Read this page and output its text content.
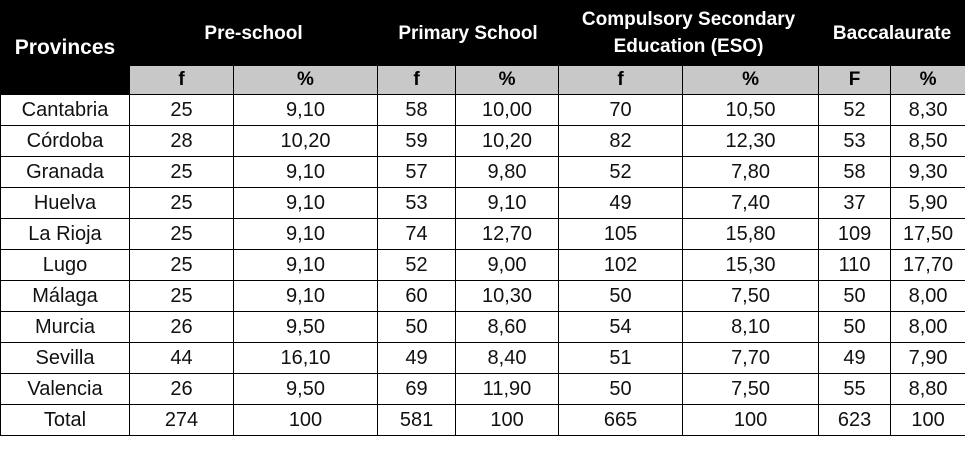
Provinces	Pre-school		Primary School		Compulsory Secondary Education (ESO)		Baccalaurate	
	f	%	f	%	f	%	F	%
Cantabria	25	9,10	58	10,00	70	10,50	52	8,30
Córdoba	28	10,20	59	10,20	82	12,30	53	8,50
Granada	25	9,10	57	9,80	52	7,80	58	9,30
Huelva	25	9,10	53	9,10	49	7,40	37	5,90
La Rioja	25	9,10	74	12,70	105	15,80	109	17,50
Lugo	25	9,10	52	9,00	102	15,30	110	17,70
Málaga	25	9,10	60	10,30	50	7,50	50	8,00
Murcia	26	9,50	50	8,60	54	8,10	50	8,00
Sevilla	44	16,10	49	8,40	51	7,70	49	7,90
Valencia	26	9,50	69	11,90	50	7,50	55	8,80
Total	274	100	581	100	665	100	623	100
